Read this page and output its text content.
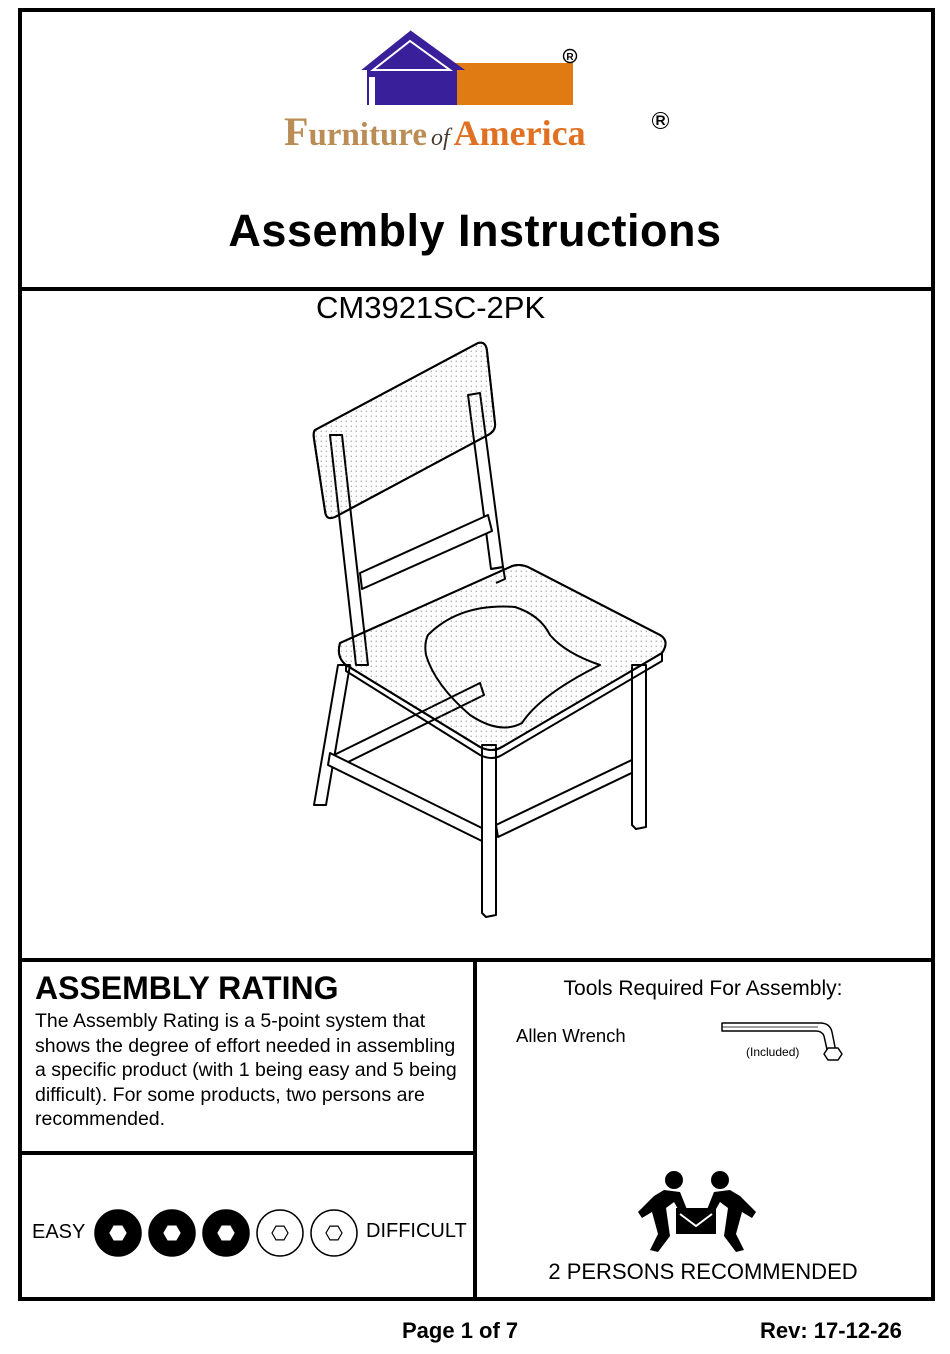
R
Furniture of America	R
Assembly Instructions
CM3921SC-2PK
ASSEMBLY RATING
The Assembly Rating is a 5-point system that shows the degree of effort needed in assembling a specific product (with 1 being easy and 5 being difficult). For some products, two persons are recommended.
EASY	DIFFICULT
Tools Required For Assembly:
Allen Wrench
(Included)
2 PERSONS RECOMMENDED
Page 1 of 7	Rev: 17-12-26
